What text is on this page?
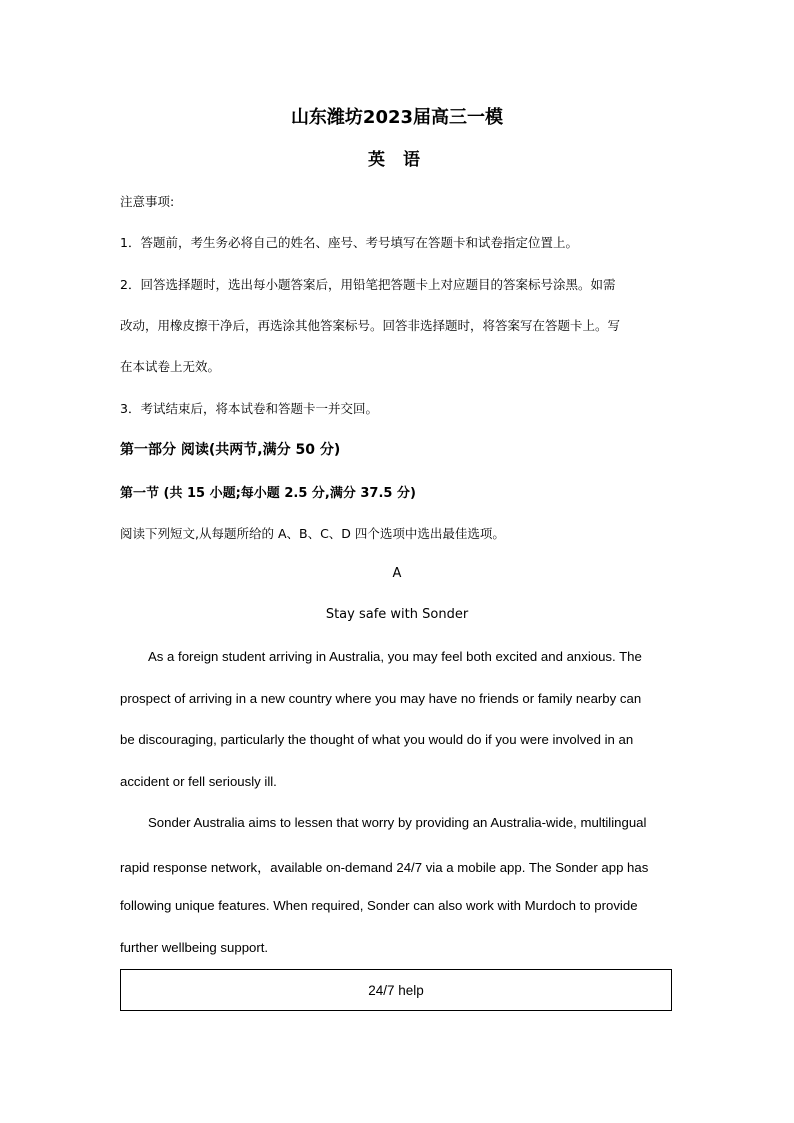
山东潍坊2023届高三一模
英 语
注意事项:
1．答题前，考生务必将自己的姓名、座号、考号填写在答题卡和试卷指定位置上。
2．回答选择题时，选出每小题答案后，用铅笔把答题卡上对应题目的答案标号涂黑。如需
改动，用橡皮擦干净后，再选涂其他答案标号。回答非选择题时，将答案写在答题卡上。写
在本试卷上无效。
3．考试结束后，将本试卷和答题卡一并交回。
第一部分 阅读(共两节,满分 50 分)
第一节 (共 15 小题;每小题 2.5 分,满分 37.5 分)
阅读下列短文,从每题所给的 A、B、C、D 四个选项中选出最佳选项。
A
Stay safe with Sonder
As a foreign student arriving in Australia, you may feel both excited and anxious. The
prospect of arriving in a new country where you may have no friends or family nearby can
be discouraging, particularly the thought of what you would do if you were involved in an
accident or fell seriously ill.
Sonder Australia aims to lessen that worry by providing an Australia-wide, multilingual
rapid response network，available on-demand 24/7 via a mobile app. The Sonder app has
following unique features. When required, Sonder can also work with Murdoch to provide
further wellbeing support.
24/7 help
